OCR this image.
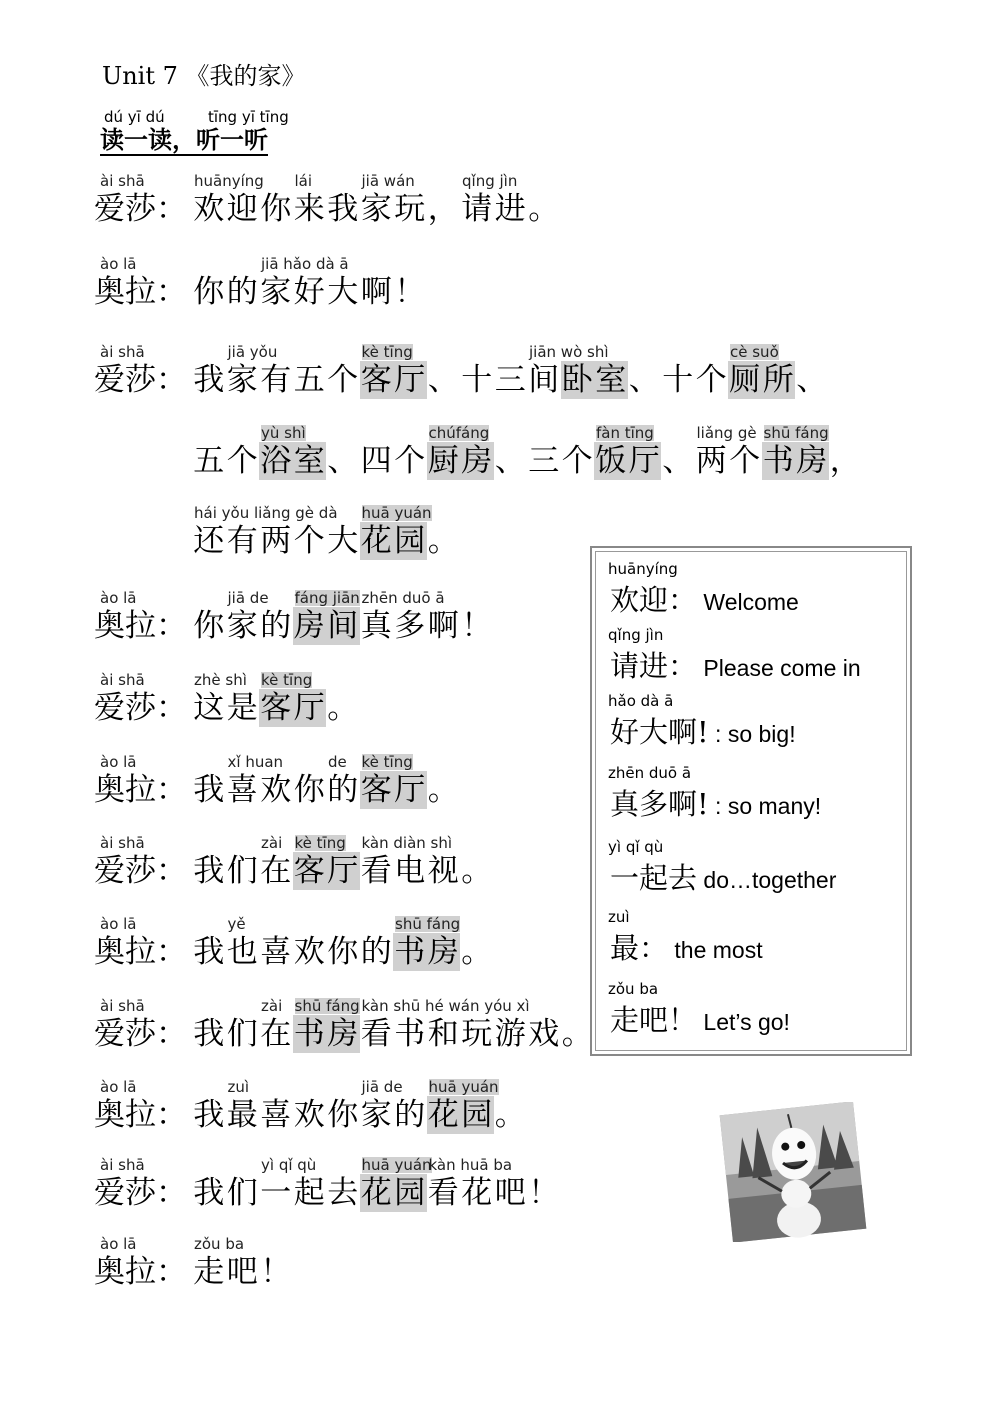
Unit 7 《我的家》
dú yī dú	tīng yī tīng
读一读，听一听
ài shā
爱莎： 欢迎你来我家玩，请进。
huānyíng lái	jiā wán	qǐng jìn
ào lā
奥拉： 你的家好大啊！
jiā hǎo dà ā
ài shā
爱莎： 我家有五个客厅、十三间卧室、十个厕所、
jiā yǒu	kè tīng	jiān wò shì	cè suǒ
五个浴室、四个厨房、三个饭厅、两个书房，
yù shì	chúfáng	fàn tīng	liǎng gè shū fáng
还有两个大花园。
hái yǒu liǎng gè dà huā yuán
ào lā
奥拉： 你家的房间真多啊！
jiā de fáng jiān zhēn duō ā
ài shā
爱莎： 这是客厅。
zhè shì kè tīng
ào lā
奥拉： 我喜欢你的客厅。
xǐ huan	de kè tīng
ài shā
爱莎： 我们在客厅看电视。
zài kè tīng kàn diàn shì
ào lā
奥拉： 我也喜欢你的书房。
yě	shū fáng
ài shā
爱莎： 我们在书房看书和玩游戏。
zài shū fáng kàn shū hé wán yóu xì
ào lā
奥拉： 我最喜欢你家的花园。
zuì	jiā de huā yuán
ài shā
爱莎： 我们一起去花园看花吧！
yì qǐ qù	huā yuán
kàn huā ba
ào lā
奥拉： 走吧！
zǒu ba
huānyíng
欢迎： Welcome
qǐng jìn
请进： Please come in
hǎo dà ā
好大啊! : so big!
zhēn duō ā
真多啊! : so many!
yì qǐ qù
一起去 do…together
zuì
最： the most
zǒu ba
走吧！ Let’s go!
